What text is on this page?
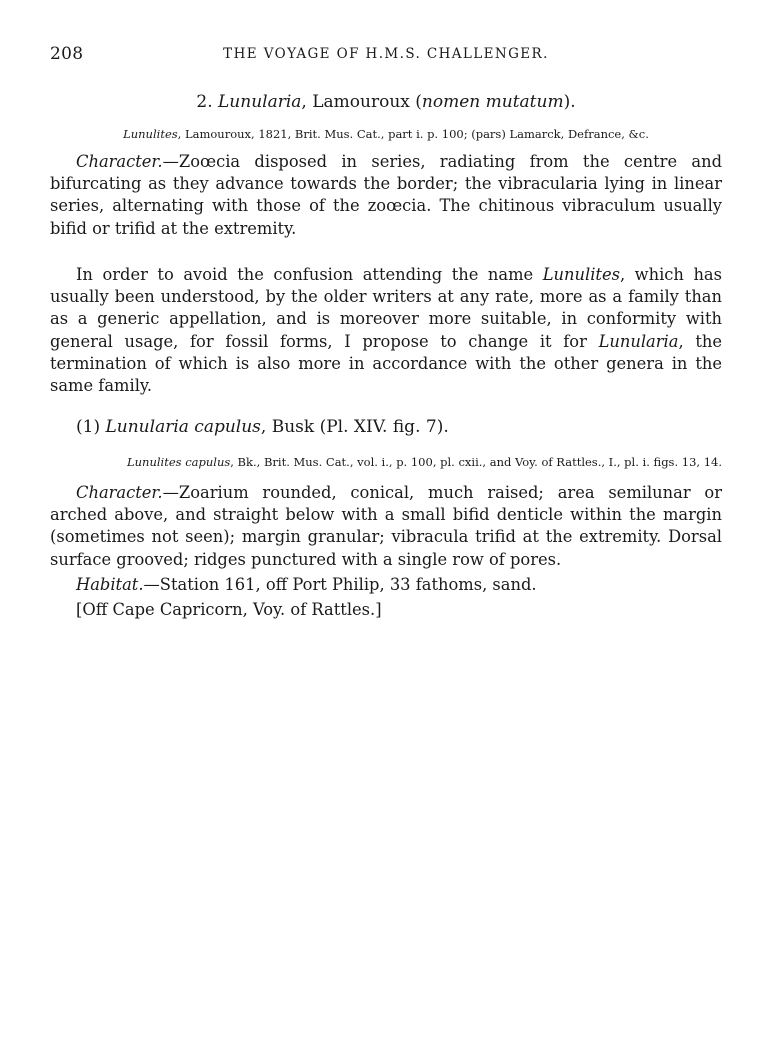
208	THE VOYAGE OF H.M.S. CHALLENGER.
2. Lunularia, Lamouroux (nomen mutatum).
Lunulites, Lamouroux, 1821, Brit. Mus. Cat., part i. p. 100; (pars) Lamarck, Defrance, &c.

Character.—Zoœcia disposed in series, radiating from the centre and bifurcating as they advance towards the border; the vibracularia lying in linear series, alternating with those of the zoœcia. The chitinous vibraculum usually bifid or trifid at the extremity.

In order to avoid the confusion attending the name Lunulites, which has usually been understood, by the older writers at any rate, more as a family than as a generic appellation, and is moreover more suitable, in conformity with general usage, for fossil forms, I propose to change it for Lunularia, the termination of which is also more in accordance with the other genera in the same family.

(1) Lunularia capulus, Busk (Pl. XIV. fig. 7).
Lunulites capulus, Bk., Brit. Mus. Cat., vol. i., p. 100, pl. cxii., and Voy. of Rattles., I., pl. i. figs. 13, 14.

Character.—Zoarium rounded, conical, much raised; area semilunar or arched above, and straight below with a small bifid denticle within the margin (sometimes not seen); margin granular; vibracula trifid at the extremity. Dorsal surface grooved; ridges punctured with a single row of pores.

Habitat.—Station 161, off Port Philip, 33 fathoms, sand.
[Off Cape Capricorn, Voy. of Rattles.]
